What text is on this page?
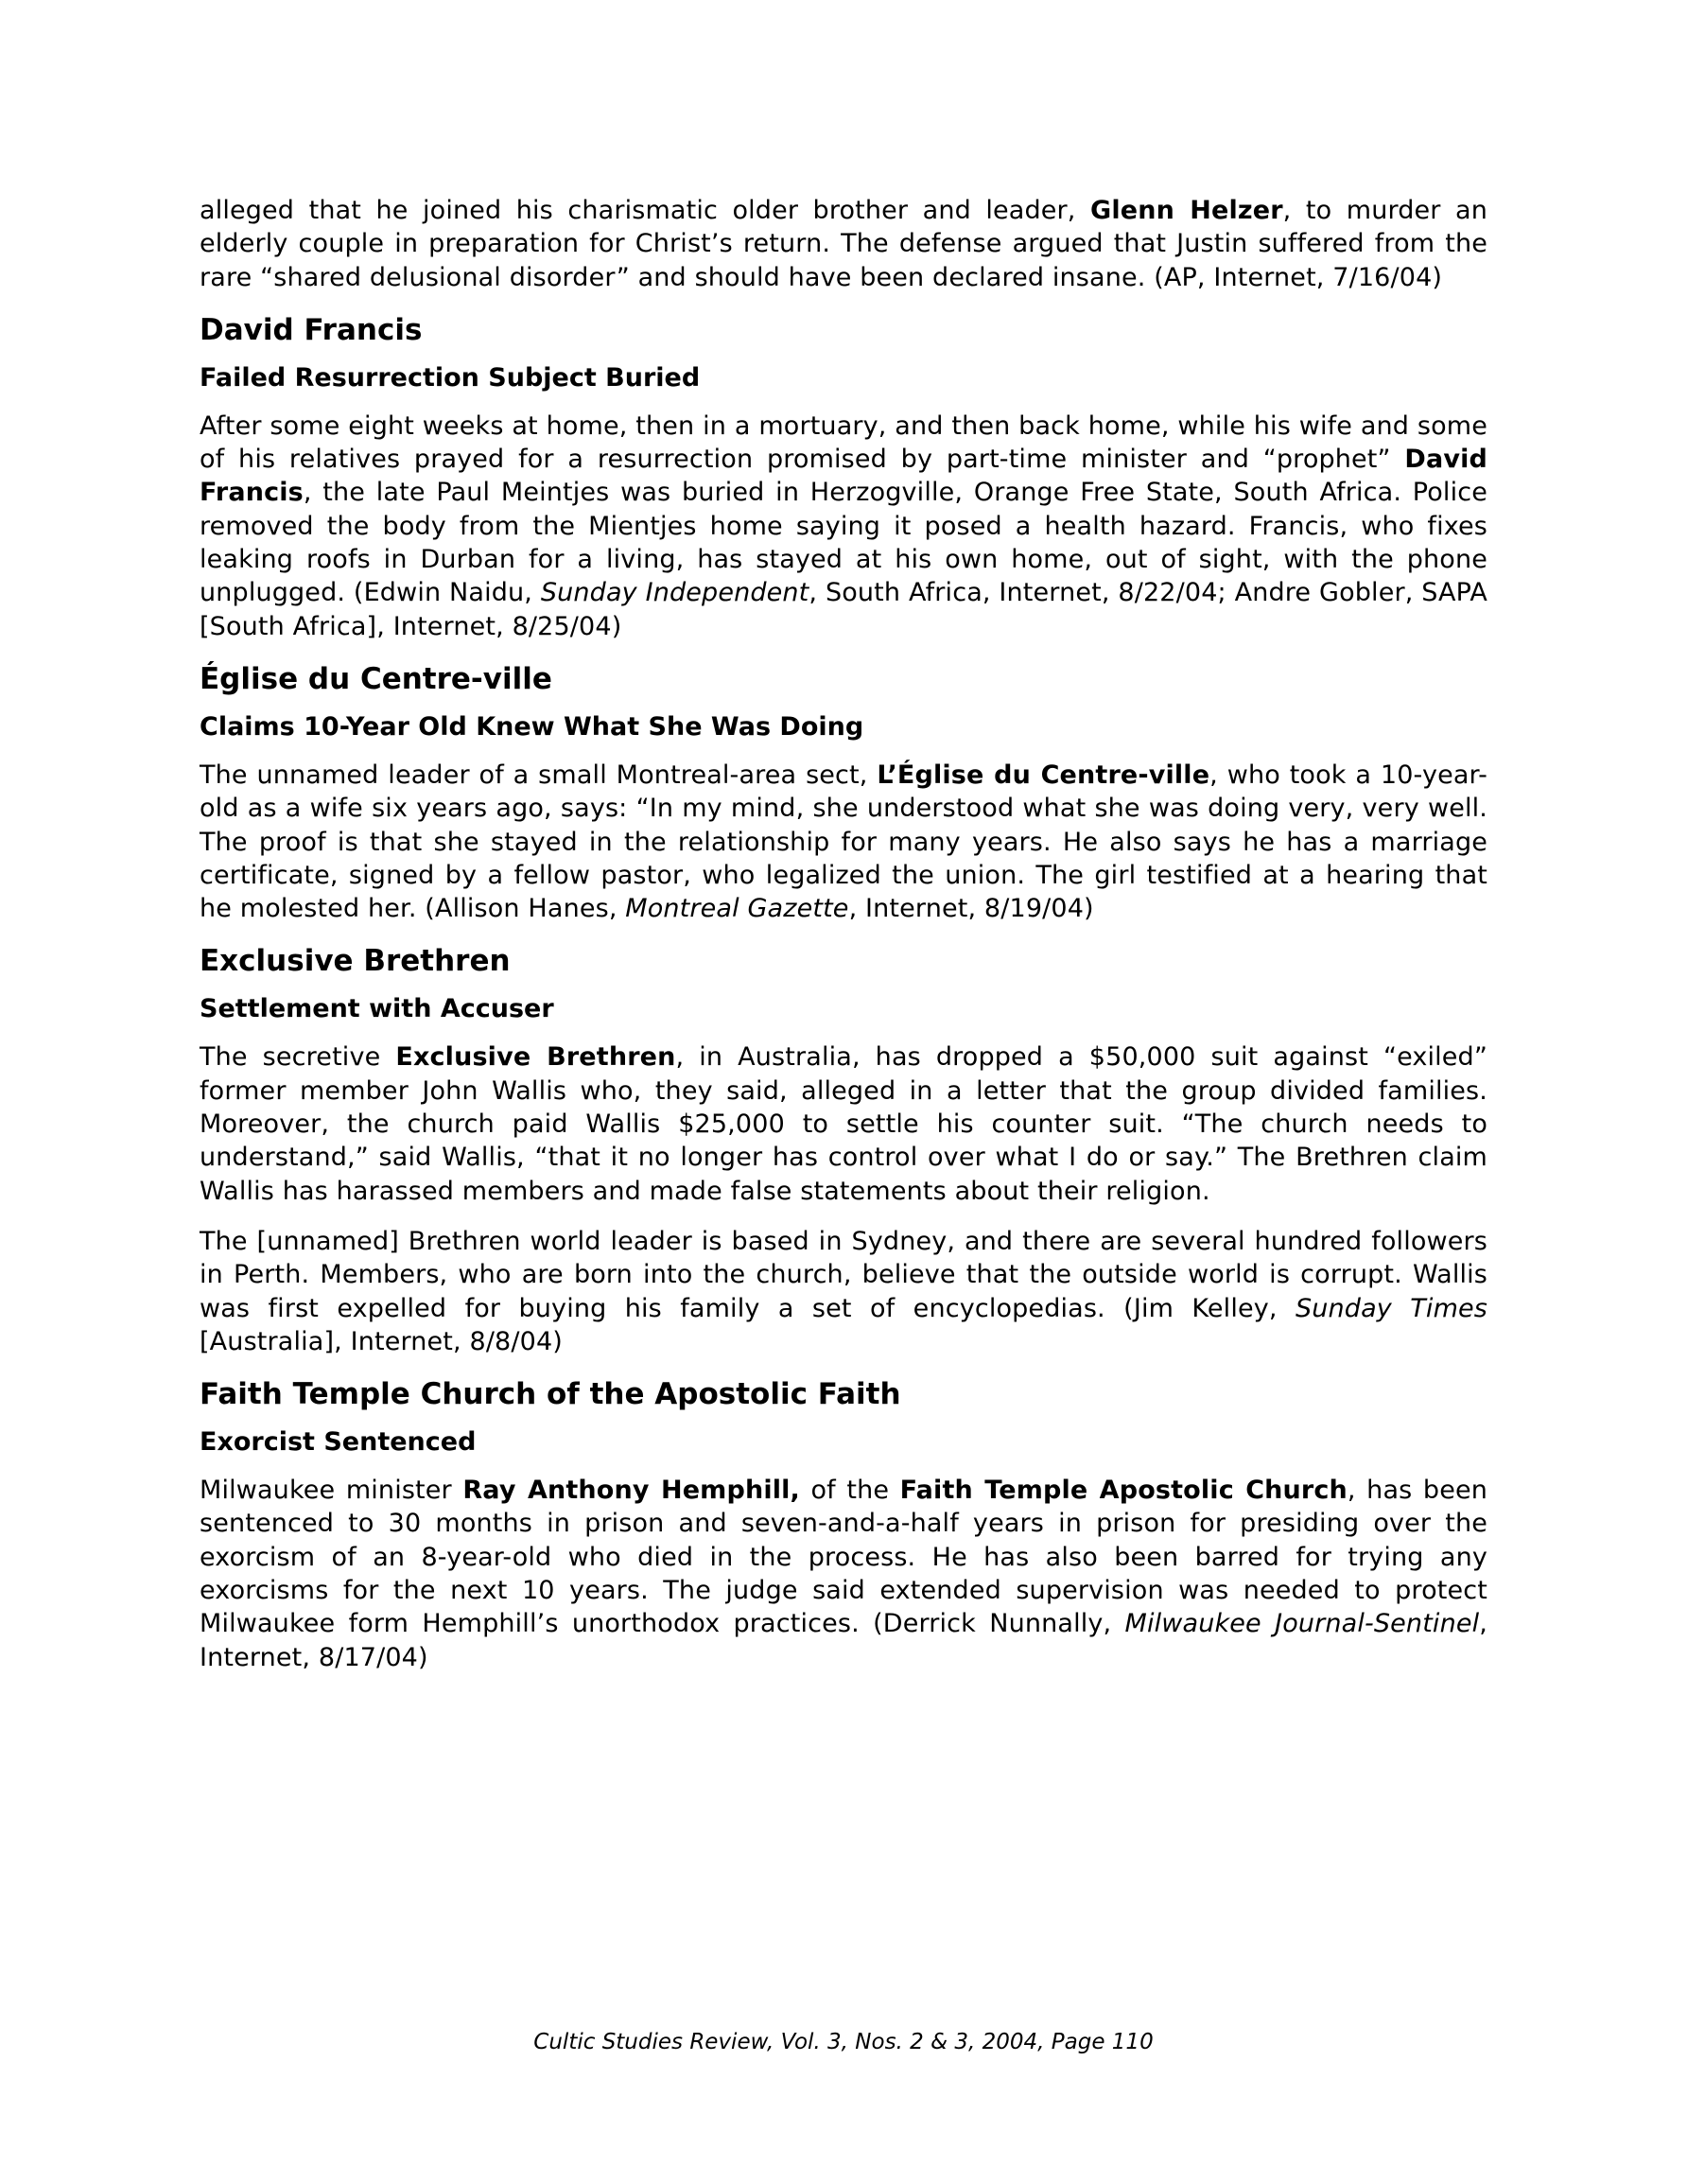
alleged that he joined his charismatic older brother and leader, Glenn Helzer, to murder an elderly couple in preparation for Christ’s return. The defense argued that Justin suffered from the rare “shared delusional disorder” and should have been declared insane. (AP, Internet, 7/16/04)

David Francis
Failed Resurrection Subject Buried

After some eight weeks at home, then in a mortuary, and then back home, while his wife and some of his relatives prayed for a resurrection promised by part-time minister and “prophet” David Francis, the late Paul Meintjes was buried in Herzogville, Orange Free State, South Africa. Police removed the body from the Mientjes home saying it posed a health hazard. Francis, who fixes leaking roofs in Durban for a living, has stayed at his own home, out of sight, with the phone unplugged. (Edwin Naidu, Sunday Independent, South Africa, Internet, 8/22/04; Andre Gobler, SAPA [South Africa], Internet, 8/25/04)

Église du Centre-ville
Claims 10-Year Old Knew What She Was Doing

The unnamed leader of a small Montreal-area sect, L’Église du Centre-ville, who took a 10-year-old as a wife six years ago, says: “In my mind, she understood what she was doing very, very well. The proof is that she stayed in the relationship for many years. He also says he has a marriage certificate, signed by a fellow pastor, who legalized the union. The girl testified at a hearing that he molested her. (Allison Hanes, Montreal Gazette, Internet, 8/19/04)

Exclusive Brethren
Settlement with Accuser

The secretive Exclusive Brethren, in Australia, has dropped a $50,000 suit against “exiled” former member John Wallis who, they said, alleged in a letter that the group divided families. Moreover, the church paid Wallis $25,000 to settle his counter suit. “The church needs to understand,” said Wallis, “that it no longer has control over what I do or say.” The Brethren claim Wallis has harassed members and made false statements about their religion.

The [unnamed] Brethren world leader is based in Sydney, and there are several hundred followers in Perth. Members, who are born into the church, believe that the outside world is corrupt. Wallis was first expelled for buying his family a set of encyclopedias. (Jim Kelley, Sunday Times [Australia], Internet, 8/8/04)

Faith Temple Church of the Apostolic Faith
Exorcist Sentenced

Milwaukee minister Ray Anthony Hemphill, of the Faith Temple Apostolic Church, has been sentenced to 30 months in prison and seven-and-a-half years in prison for presiding over the exorcism of an 8-year-old who died in the process. He has also been barred for trying any exorcisms for the next 10 years. The judge said extended supervision was needed to protect Milwaukee form Hemphill’s unorthodox practices. (Derrick Nunnally, Milwaukee Journal-Sentinel, Internet, 8/17/04)

Cultic Studies Review, Vol. 3, Nos. 2 & 3, 2004, Page 110
